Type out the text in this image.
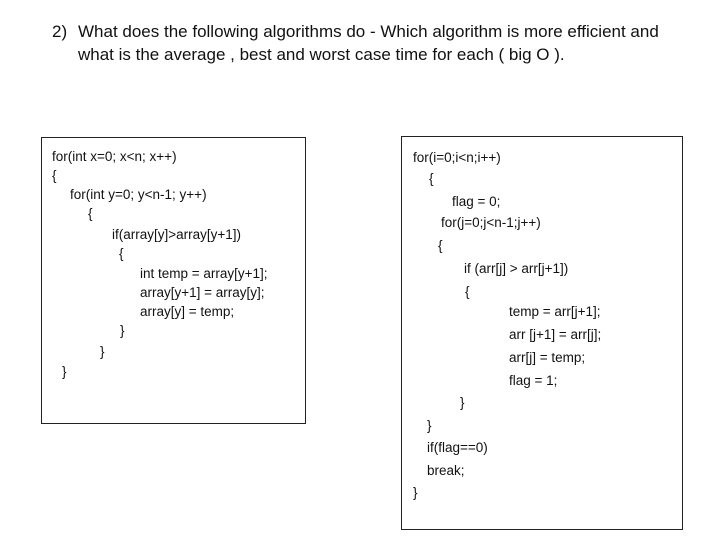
2) What does the following algorithms do - Which algorithm is more efficient and
what is the average , best and worst case time for each ( big O ).
for(int x=0; x<n; x++)
{
for(int y=0; y<n-1; y++)
{
if(array[y]>array[y+1])
{
int temp = array[y+1];
array[y+1] = array[y];
array[y] = temp;
}
}
}
for(i=0;i<n;i++)
{
flag = 0;
for(j=0;j<n-1;j++)
{
if (arr[j] > arr[j+1])
{
temp = arr[j+1];
arr [j+1] = arr[j];
arr[j] = temp;
flag = 1;
}
}
if(flag==0)
break;
}
